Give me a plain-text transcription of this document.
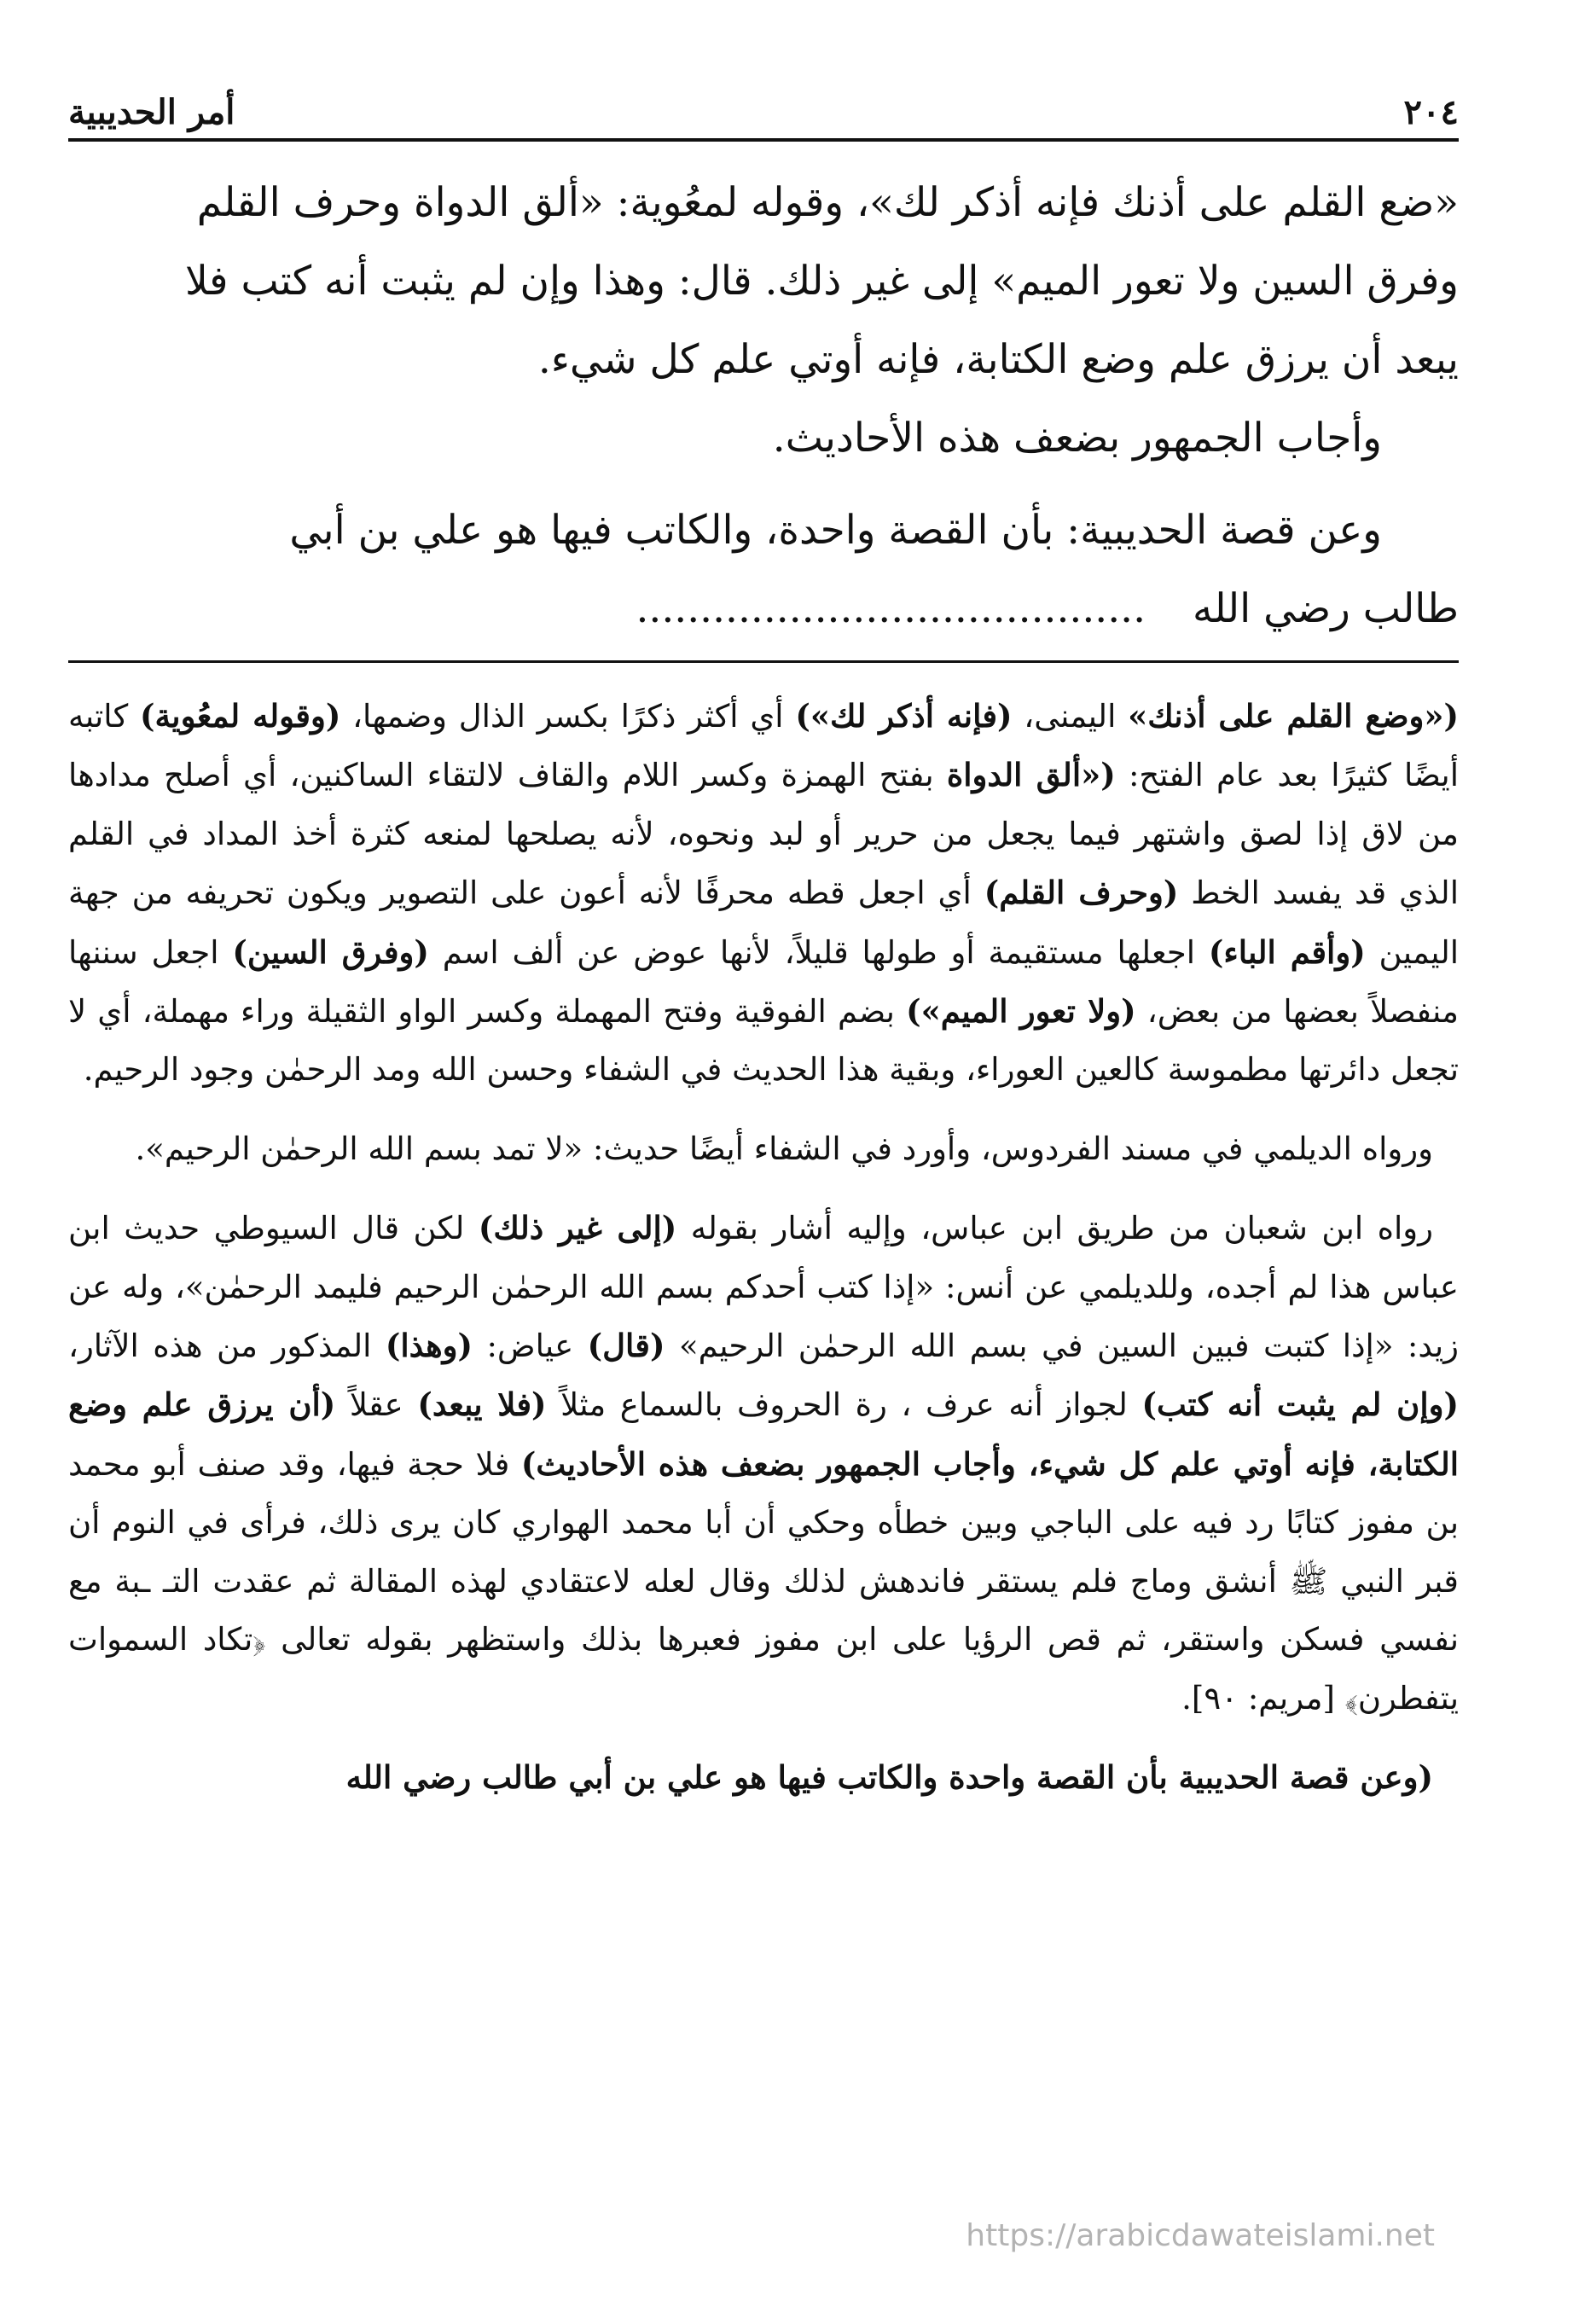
٢٠٤
أمر الحديبية

«ضع القلم على أذنك فإنه أذكر لك»، وقوله لمعُوية: «ألق الدواة وحرف القلم
وفرق السين ولا تعور الميم» إلى غير ذلك. قال: وهذا وإن لم يثبت أنه كتب فلا
يبعد أن يرزق علم وضع الكتابة، فإنه أوتي علم كل شيء.

وأجاب الجمهور بضعف هذه الأحاديث.

وعن قصة الحديبية: بأن القصة واحدة، والكاتب فيها هو علي بن أبي
طالب رضي الله ........................................

(«وضع القلم على أذنك» اليمنى، (فإنه أذكر لك») أي أكثر ذكرًا بكسر الذال وضمها، (وقوله لمعُوية) كاتبه أيضًا كثيرًا بعد عام الفتح: («ألق الدواة بفتح الهمزة وكسر اللام والقاف لالتقاء الساكنين، أي أصلح مدادها من لاق إذا لصق واشتهر فيما يجعل من حرير أو لبد ونحوه، لأنه يصلحها لمنعه كثرة أخذ المداد في القلم الذي قد يفسد الخط (وحرف القلم) أي اجعل قطه محرفًا لأنه أعون على التصوير ويكون تحريفه من جهة اليمين (وأقم الباء) اجعلها مستقيمة أو طولها قليلاً، لأنها عوض عن ألف اسم (وفرق السين) اجعل سننها منفصلاً بعضها من بعض، (ولا تعور الميم») بضم الفوقية وفتح المهملة وكسر الواو الثقيلة وراء مهملة، أي لا تجعل دائرتها مطموسة كالعين العوراء، وبقية هذا الحديث في الشفاء وحسن الله ومد الرحمٰن وجود الرحيم.

ورواه الديلمي في مسند الفردوس، وأورد في الشفاء أيضًا حديث: «لا تمد بسم الله الرحمٰن الرحيم».

رواه ابن شعبان من طريق ابن عباس، وإليه أشار بقوله (إلى غير ذلك) لكن قال السيوطي حديث ابن عباس هذا لم أجده، وللديلمي عن أنس: «إذا كتب أحدكم بسم الله الرحمٰن الرحيم فليمد الرحمٰن»، وله عن زيد: «إذا كتبت فبين السين في بسم الله الرحمٰن الرحيم» (قال) عياض: (وهذا) المذكور من هذه الآثار، (وإن لم يثبت أنه كتب) لجواز أنه عرف ، رة الحروف بالسماع مثلاً (فلا يبعد) عقلاً (أن يرزق علم وضع الكتابة، فإنه أوتي علم كل شيء، وأجاب الجمهور بضعف هذه الأحاديث) فلا حجة فيها، وقد صنف أبو محمد بن مفوز كتابًا رد فيه على الباجي وبين خطأه وحكي أن أبا محمد الهواري كان يرى ذلك، فرأى في النوم أن قبر النبي ﷺ أنشق وماج فلم يستقر فاندهش لذلك وقال لعله لاعتقادي لهذه المقالة ثم عقدت التـ ـبة مع نفسي فسكن واستقر، ثم قص الرؤيا على ابن مفوز فعبرها بذلك واستظهر بقوله تعالى ﴿تكاد السموات يتفطرن﴾ [مريم: ٩٠].

(وعن قصة الحديبية بأن القصة واحدة والكاتب فيها هو علي بن أبي طالب رضي الله

https://arabicdawateislami.net
